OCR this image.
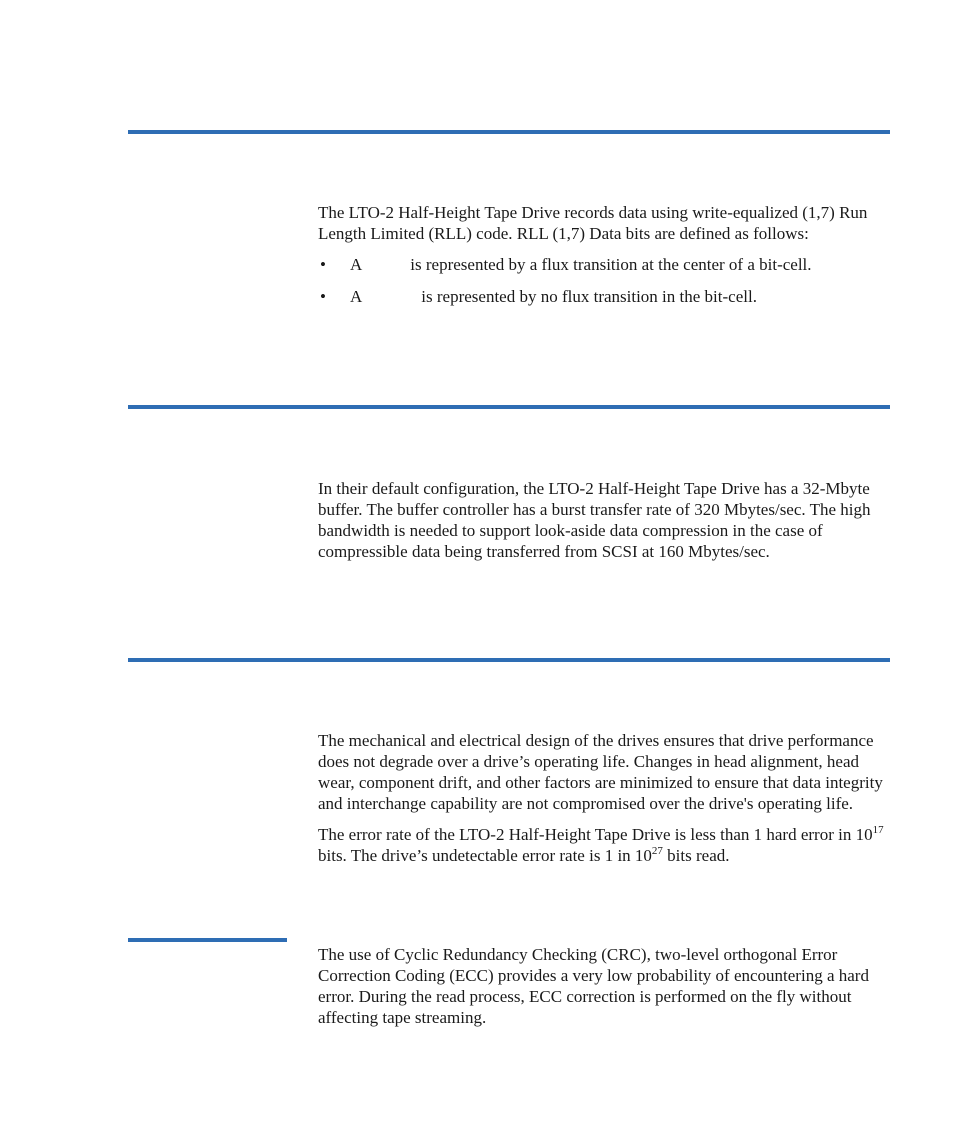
The LTO-2 Half-Height Tape Drive records data using write-equalized (1,7) Run Length Limited (RLL) code. RLL (1,7) Data bits are defined as follows:

• A	is represented by a flux transition at the center of a bit-cell.
• A	is represented by no flux transition in the bit-cell.

In their default configuration, the LTO-2 Half-Height Tape Drive has a 32-Mbyte buffer. The buffer controller has a burst transfer rate of 320 Mbytes/sec. The high bandwidth is needed to support look-aside data compression in the case of compressible data being transferred from SCSI at 160 Mbytes/sec.

The mechanical and electrical design of the drives ensures that drive performance does not degrade over a drive’s operating life. Changes in head alignment, head wear, component drift, and other factors are minimized to ensure that data integrity and interchange capability are not compromised over the drive's operating life.

The error rate of the LTO-2 Half-Height Tape Drive is less than 1 hard error in $10^{17}$ bits. The drive’s undetectable error rate is 1 in $10^{27}$ bits read.

The use of Cyclic Redundancy Checking (CRC), two-level orthogonal Error Correction Coding (ECC) provides a very low probability of encountering a hard error. During the read process, ECC correction is performed on the fly without affecting tape streaming.
